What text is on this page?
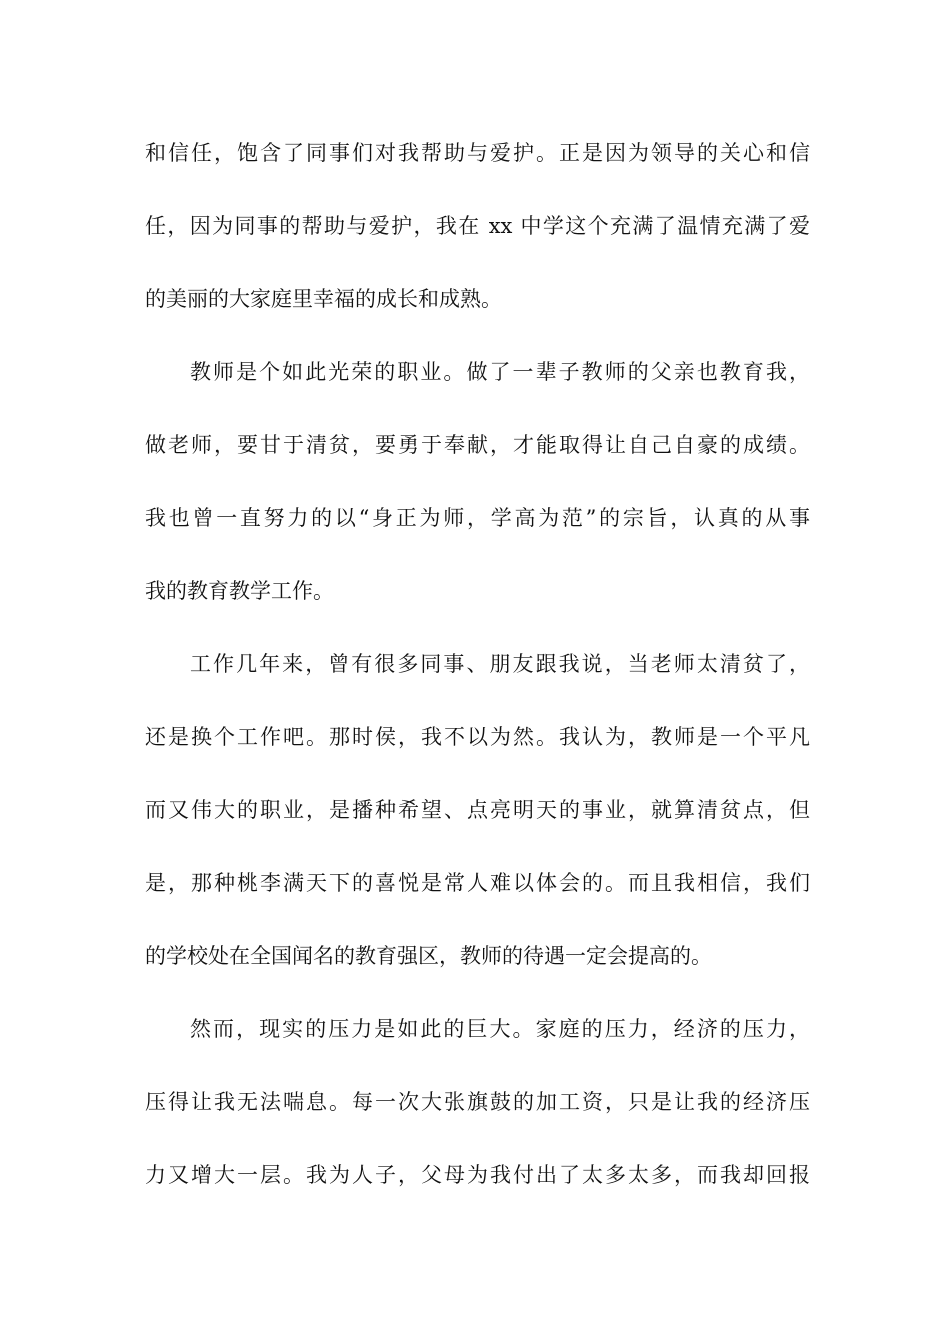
和信任，饱含了同事们对我帮助与爱护。正是因为领导的关心和信
任，因为同事的帮助与爱护，我在 xx 中学这个充满了温情充满了爱
的美丽的大家庭里幸福的成长和成熟。
教师是个如此光荣的职业。做了一辈子教师的父亲也教育我，
做老师，要甘于清贫，要勇于奉献，才能取得让自己自豪的成绩。
我也曾一直努力的以“身正为师，学高为范”的宗旨，认真的从事
我的教育教学工作。
工作几年来，曾有很多同事、朋友跟我说，当老师太清贫了，
还是换个工作吧。那时侯，我不以为然。我认为，教师是一个平凡
而又伟大的职业，是播种希望、点亮明天的事业，就算清贫点，但
是，那种桃李满天下的喜悦是常人难以体会的。而且我相信，我们
的学校处在全国闻名的教育强区，教师的待遇一定会提高的。
然而，现实的压力是如此的巨大。家庭的压力，经济的压力，
压得让我无法喘息。每一次大张旗鼓的加工资，只是让我的经济压
力又增大一层。我为人子，父母为我付出了太多太多，而我却回报
